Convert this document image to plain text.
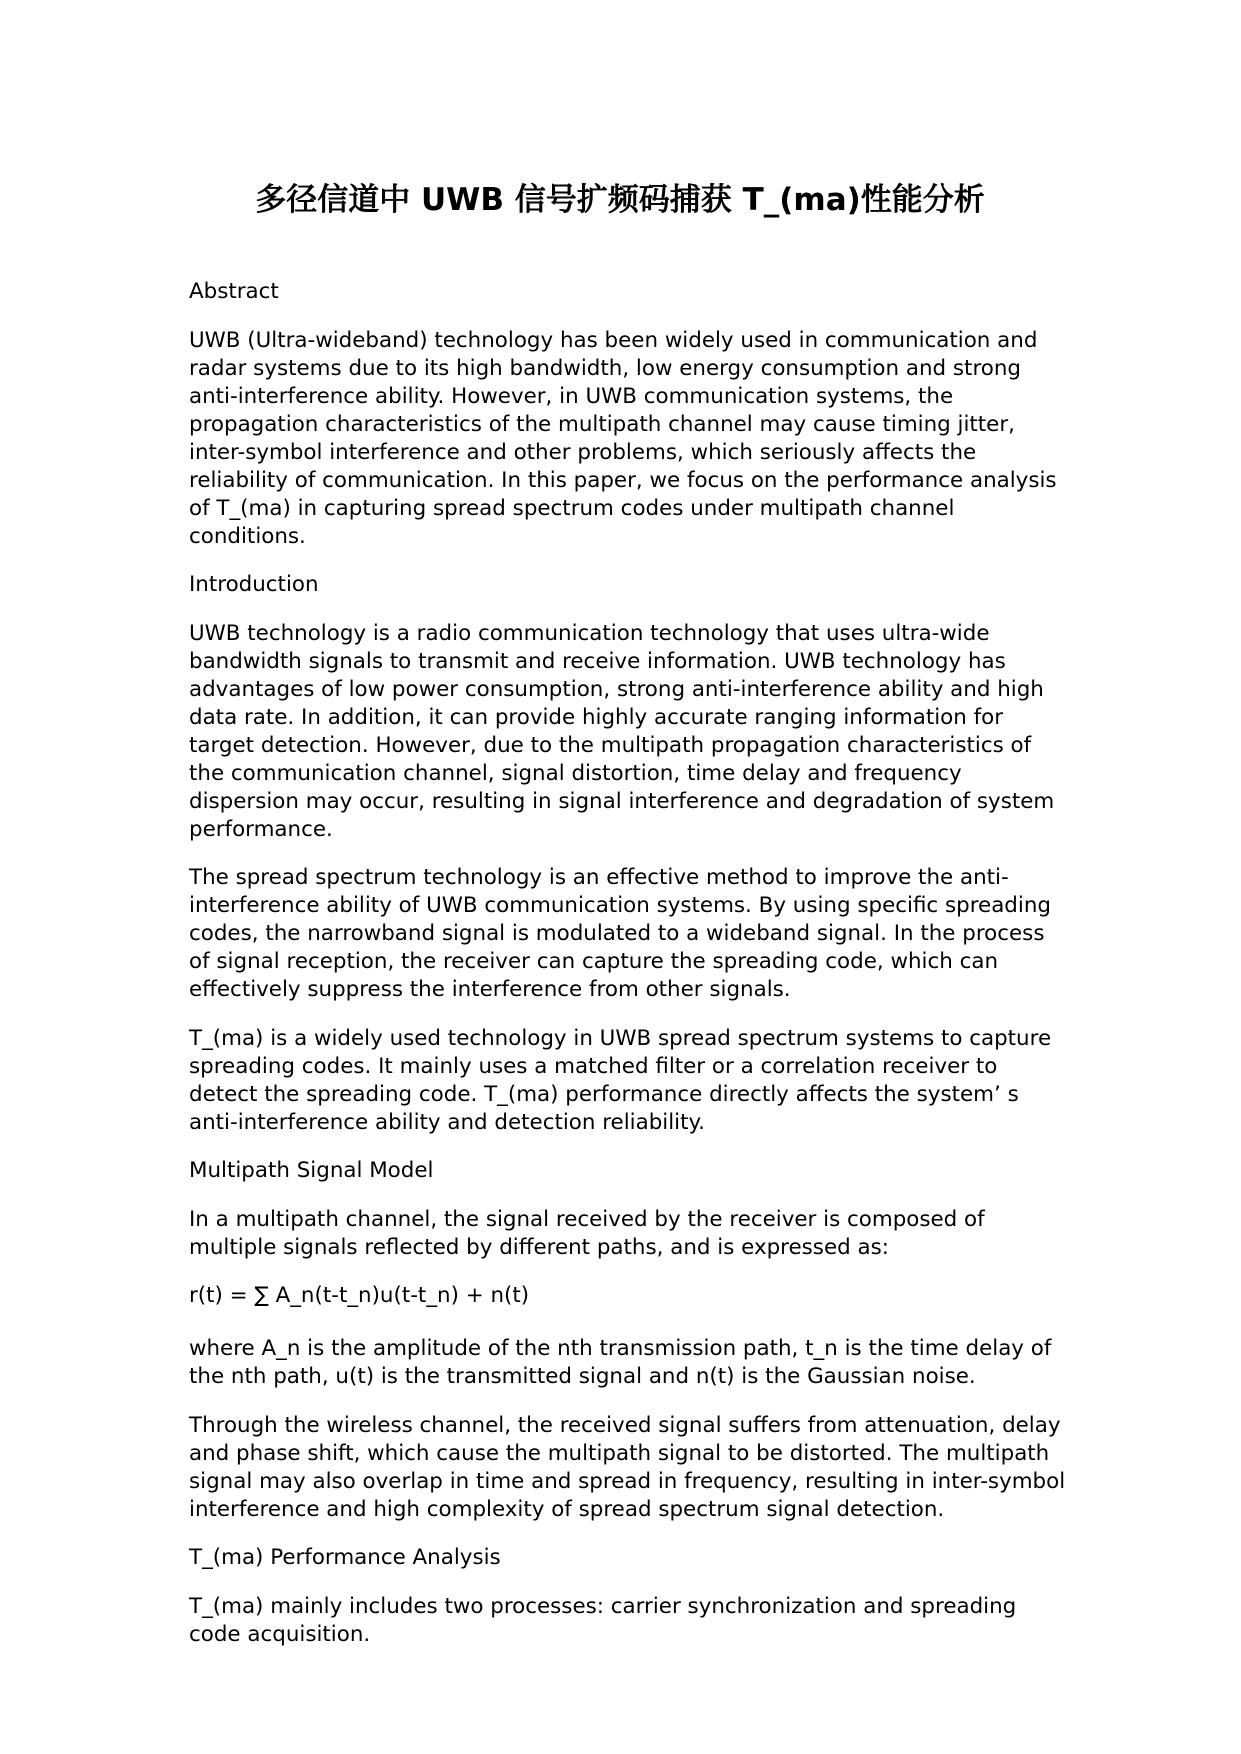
多径信道中 UWB 信号扩频码捕获 T_(ma)性能分析

Abstract

UWB (Ultra-wideband) technology has been widely used in communication and radar systems due to its high bandwidth, low energy consumption and strong anti-interference ability. However, in UWB communication systems, the propagation characteristics of the multipath channel may cause timing jitter, inter-symbol interference and other problems, which seriously affects the reliability of communication. In this paper, we focus on the performance analysis of T_(ma) in capturing spread spectrum codes under multipath channel conditions.

Introduction

UWB technology is a radio communication technology that uses ultra-wide bandwidth signals to transmit and receive information. UWB technology has advantages of low power consumption, strong anti-interference ability and high data rate. In addition, it can provide highly accurate ranging information for target detection. However, due to the multipath propagation characteristics of the communication channel, signal distortion, time delay and frequency dispersion may occur, resulting in signal interference and degradation of system performance.

The spread spectrum technology is an effective method to improve the anti-interference ability of UWB communication systems. By using specific spreading codes, the narrowband signal is modulated to a wideband signal. In the process of signal reception, the receiver can capture the spreading code, which can effectively suppress the interference from other signals.

T_(ma) is a widely used technology in UWB spread spectrum systems to capture spreading codes. It mainly uses a matched filter or a correlation receiver to detect the spreading code. T_(ma) performance directly affects the system’ s anti-interference ability and detection reliability.

Multipath Signal Model

In a multipath channel, the signal received by the receiver is composed of multiple signals reflected by different paths, and is expressed as:

r(t) = ∑ A_n(t-t_n)u(t-t_n) + n(t)

where A_n is the amplitude of the nth transmission path, t_n is the time delay of the nth path, u(t) is the transmitted signal and n(t) is the Gaussian noise.

Through the wireless channel, the received signal suffers from attenuation, delay and phase shift, which cause the multipath signal to be distorted. The multipath signal may also overlap in time and spread in frequency, resulting in inter-symbol interference and high complexity of spread spectrum signal detection.

T_(ma) Performance Analysis

T_(ma) mainly includes two processes: carrier synchronization and spreading code acquisition.
